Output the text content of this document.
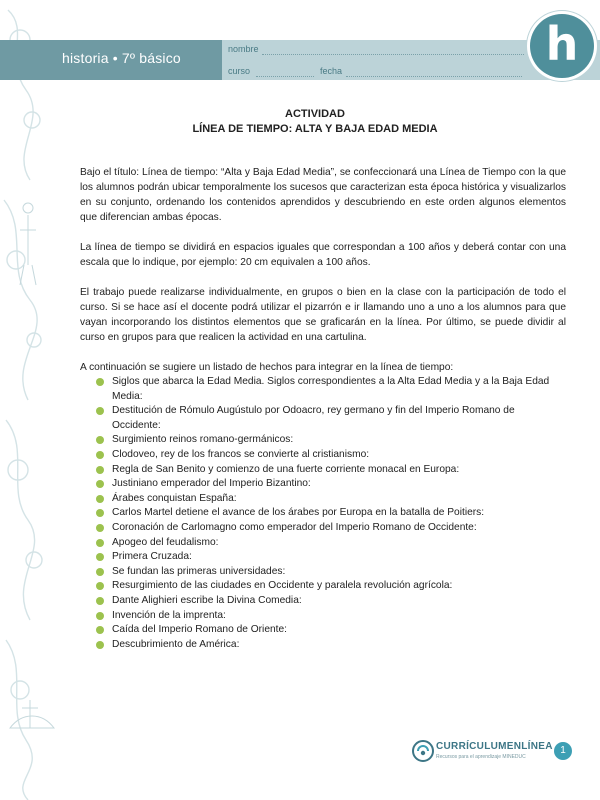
historia • 7º básico
nombre
curso	fecha	h
ACTIVIDAD
LÍNEA DE TIEMPO: ALTA Y BAJA EDAD MEDIA
Bajo el título: Línea de tiempo: “Alta y Baja Edad Media”, se confeccionará una Línea de Tiempo con la que los alumnos podrán ubicar temporalmente los sucesos que caracterizan esta época histórica y visualizarlos en su conjunto, ordenando los contenidos aprendidos y descubriendo en este orden algunos elementos que diferencian ambas épocas.
La línea de tiempo se dividirá en espacios iguales que correspondan a 100 años y deberá contar con una escala que lo indique, por ejemplo: 20 cm equivalen a 100 años.
El trabajo puede realizarse individualmente, en grupos o bien en la clase con la participación de todo el curso. Si se hace así el docente podrá utilizar el pizarrón e ir llamando uno a uno a los alumnos para que vayan incorporando los distintos elementos que se graficarán en la línea. Por último, se puede dividir al curso en grupos para que realicen la actividad en una cartulina.
A continuación se sugiere un listado de hechos para integrar en la línea de tiempo:
Siglos que abarca la Edad Media. Siglos correspondientes a la Alta Edad Media y a la Baja Edad Media:
Destitución de Rómulo Augústulo por Odoacro, rey germano y fin del Imperio Romano de Occidente:
Surgimiento reinos romano-germánicos:
Clodoveo, rey de los francos se convierte al cristianismo:
Regla de San Benito y comienzo de una fuerte corriente monacal en Europa:
Justiniano emperador del Imperio Bizantino:
Árabes conquistan España:
Carlos Martel detiene el avance de los árabes por Europa en la batalla de Poitiers:
Coronación de Carlomagno como emperador del Imperio Romano de Occidente:
Apogeo del feudalismo:
Primera Cruzada:
Se fundan las primeras universidades:
Resurgimiento de las ciudades en Occidente y paralela revolución agrícola:
Dante Alighieri escribe la Divina Comedia:
Invención de la imprenta:
Caída del Imperio Romano de Oriente:
Descubrimiento de América:
CURRÍCULUMENLÍNEA
Recursos para el aprendizaje MINEDUC
1
